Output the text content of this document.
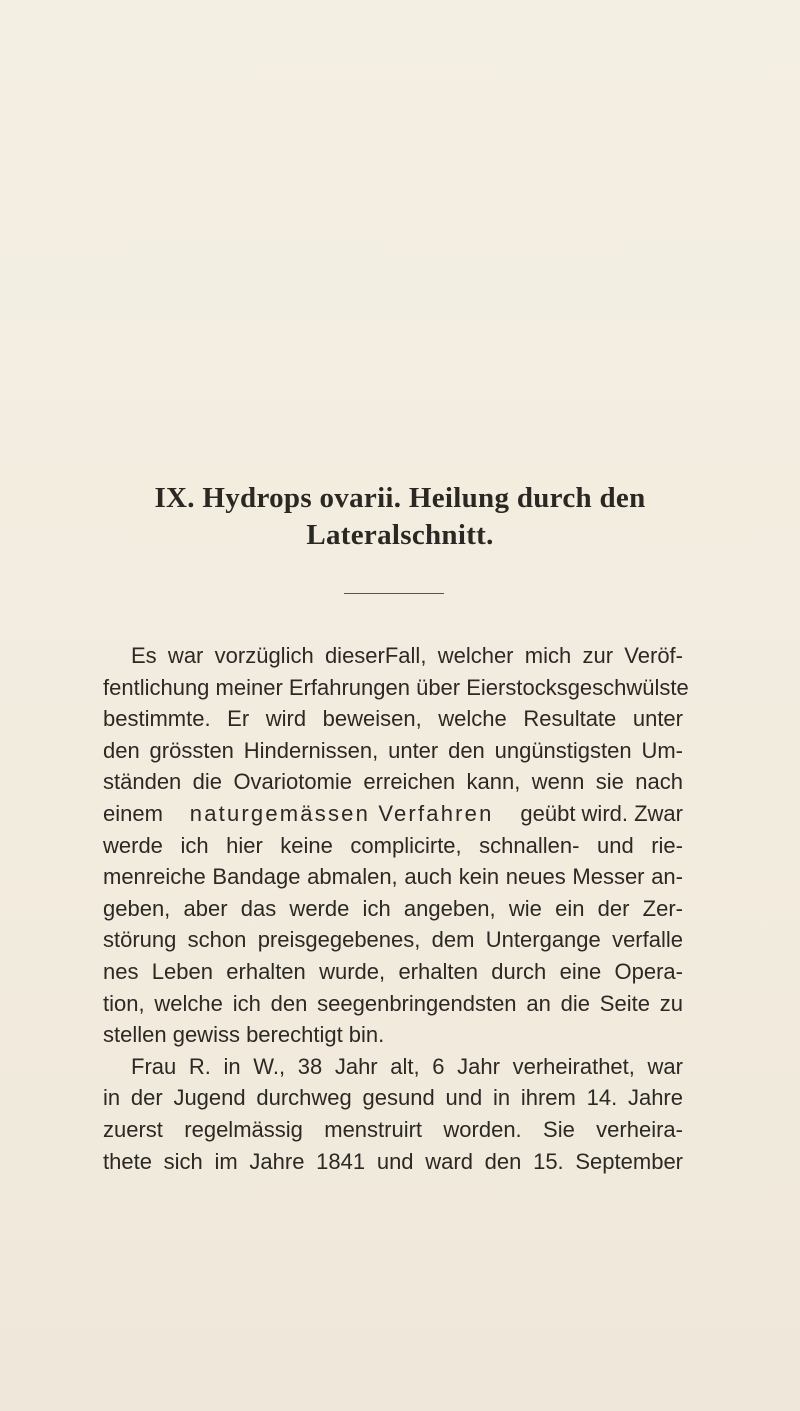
IX. Hydrops ovarii. Heilung durch den
Lateralschnitt.
Es war vorzüglich dieserFall, welcher mich zur Veröf-
fentlichung meiner Erfahrungen über Eierstocksgeschwülste
bestimmte. Er wird beweisen, welche Resultate unter
den grössten Hindernissen, unter den ungünstigsten Um-
ständen die Ovariotomie erreichen kann, wenn sie nach
einem naturgemässen Verfahren geübt wird. Zwar
werde ich hier keine complicirte, schnallen- und rie-
menreiche Bandage abmalen, auch kein neues Messer an-
geben, aber das werde ich angeben, wie ein der Zer-
störung schon preisgegebenes, dem Untergange verfalle
nes Leben erhalten wurde, erhalten durch eine Opera-
tion, welche ich den seegenbringendsten an die Seite zu
stellen gewiss berechtigt bin.
Frau R. in W., 38 Jahr alt, 6 Jahr verheirathet, war
in der Jugend durchweg gesund und in ihrem 14. Jahre
zuerst regelmässig menstruirt worden. Sie verheira-
thete sich im Jahre 1841 und ward den 15. September
